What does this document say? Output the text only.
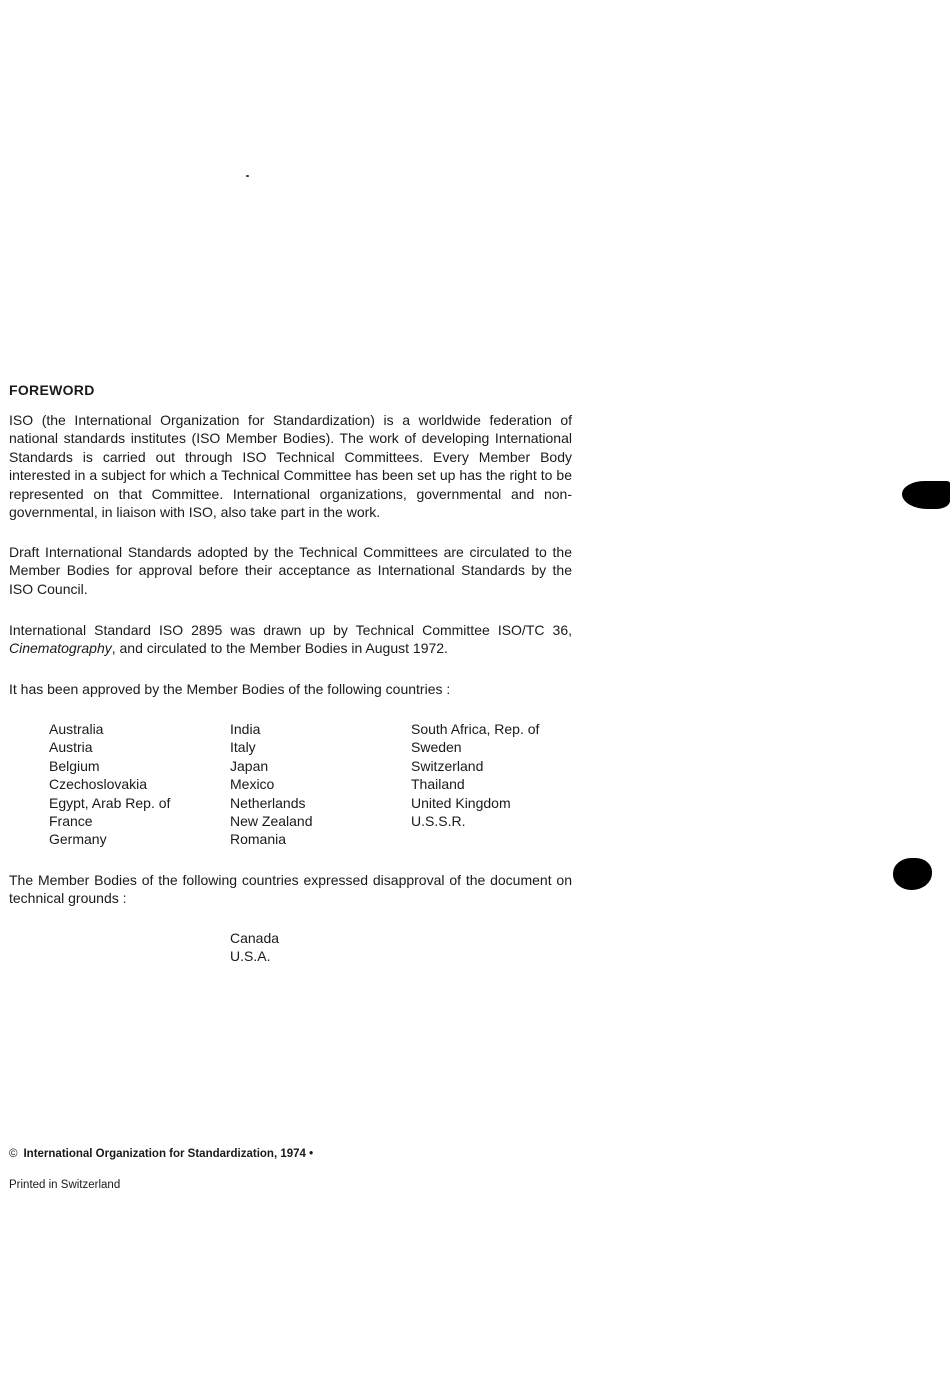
FOREWORD

ISO (the International Organization for Standardization) is a worldwide federation of national standards institutes (ISO Member Bodies). The work of developing International Standards is carried out through ISO Technical Committees. Every Member Body interested in a subject for which a Technical Committee has been set up has the right to be represented on that Committee. International organizations, governmental and non-governmental, in liaison with ISO, also take part in the work.

Draft International Standards adopted by the Technical Committees are circulated to the Member Bodies for approval before their acceptance as International Standards by the ISO Council.

International Standard ISO 2895 was drawn up by Technical Committee ISO/TC 36, Cinematography, and circulated to the Member Bodies in August 1972.

It has been approved by the Member Bodies of the following countries :

Australia
Austria
Belgium
Czechoslovakia
Egypt, Arab Rep. of
France
Germany
India
Italy
Japan
Mexico
Netherlands
New Zealand
Romania
South Africa, Rep. of
Sweden
Switzerland
Thailand
United Kingdom
U.S.S.R.

The Member Bodies of the following countries expressed disapproval of the document on technical grounds :

Canada
U.S.A.
© International Organization for Standardization, 1974 •
Printed in Switzerland
